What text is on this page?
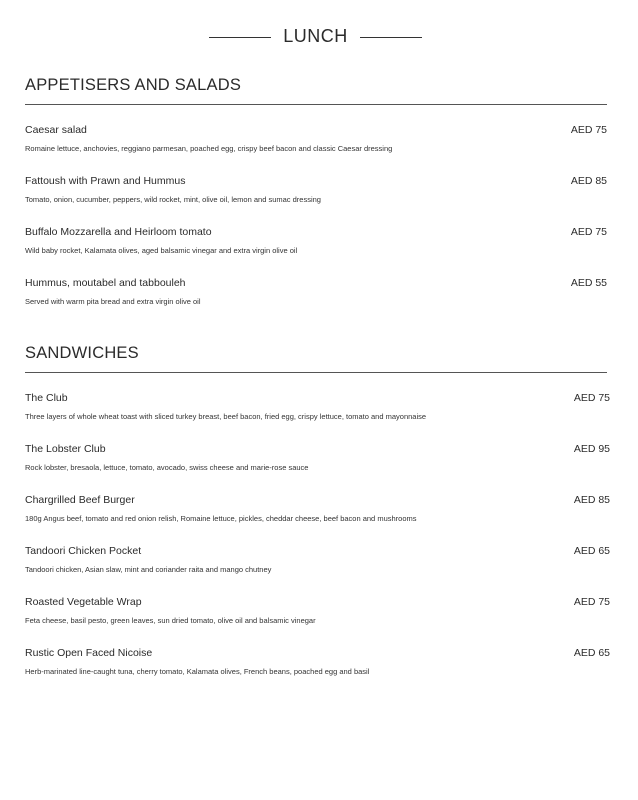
LUNCH
APPETISERS AND SALADS
Caesar salad	AED 75
Romaine lettuce, anchovies, reggiano parmesan, poached egg, crispy beef bacon and classic Caesar dressing
Fattoush with Prawn and Hummus	AED 85
Tomato, onion, cucumber, peppers, wild rocket, mint, olive oil, lemon and sumac dressing
Buffalo Mozzarella and Heirloom tomato	AED 75
Wild baby rocket, Kalamata olives, aged balsamic vinegar and extra virgin olive oil
Hummus, moutabel and tabbouleh	AED 55
Served with warm pita bread and extra virgin olive oil
SANDWICHES
The Club	AED 75
Three layers of whole wheat toast with sliced turkey breast, beef bacon, fried egg, crispy lettuce, tomato and mayonnaise
The Lobster Club	AED 95
Rock lobster, bresaola, lettuce, tomato, avocado, swiss cheese and marie-rose sauce
Chargrilled Beef Burger	AED 85
180g Angus beef, tomato and red onion relish, Romaine lettuce, pickles, cheddar cheese, beef bacon and mushrooms
Tandoori Chicken Pocket	AED 65
Tandoori chicken, Asian slaw, mint and coriander raita and mango chutney
Roasted Vegetable Wrap	AED 75
Feta cheese, basil pesto, green leaves, sun dried tomato, olive oil and balsamic vinegar
Rustic Open Faced Nicoise	AED 65
Herb-marinated line-caught tuna, cherry tomato, Kalamata olives, French beans, poached egg and basil
